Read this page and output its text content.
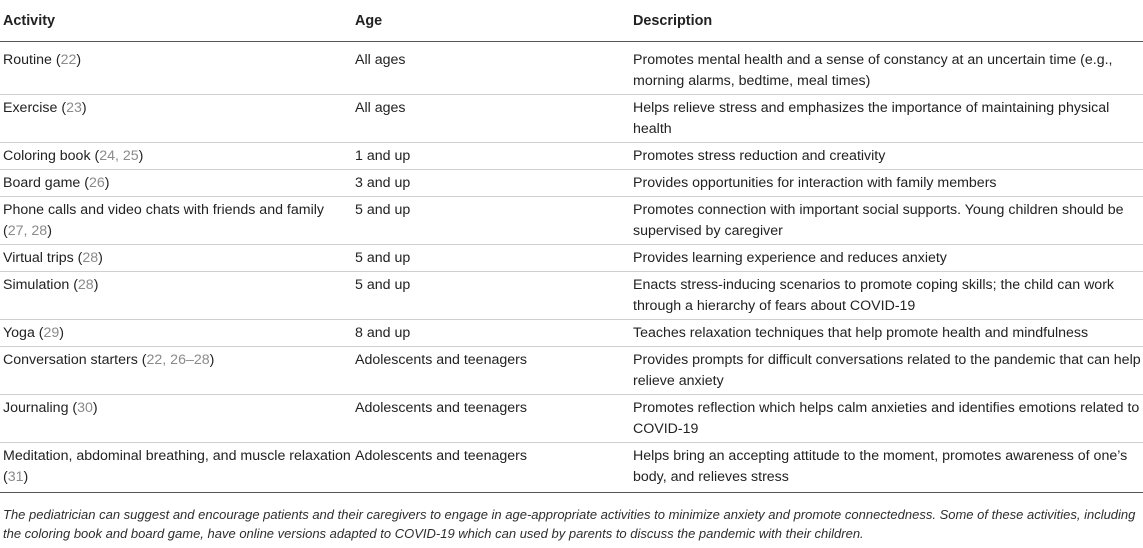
Activity	Age	Description
Routine (22)	All ages	Promotes mental health and a sense of constancy at an uncertain time (e.g., morning alarms, bedtime, meal times)
Exercise (23)	All ages	Helps relieve stress and emphasizes the importance of maintaining physical health
Coloring book (24, 25)	1 and up	Promotes stress reduction and creativity
Board game (26)	3 and up	Provides opportunities for interaction with family members
Phone calls and video chats with friends and family (27, 28)	5 and up	Promotes connection with important social supports. Young children should be supervised by caregiver
Virtual trips (28)	5 and up	Provides learning experience and reduces anxiety
Simulation (28)	5 and up	Enacts stress-inducing scenarios to promote coping skills; the child can work through a hierarchy of fears about COVID-19
Yoga (29)	8 and up	Teaches relaxation techniques that help promote health and mindfulness
Conversation starters (22, 26–28)	Adolescents and teenagers	Provides prompts for difficult conversations related to the pandemic that can help relieve anxiety
Journaling (30)	Adolescents and teenagers	Promotes reflection which helps calm anxieties and identifies emotions related to COVID-19
Meditation, abdominal breathing, and muscle relaxation (31)	Adolescents and teenagers	Helps bring an accepting attitude to the moment, promotes awareness of one’s body, and relieves stress
The pediatrician can suggest and encourage patients and their caregivers to engage in age-appropriate activities to minimize anxiety and promote connectedness. Some of these activities, including the coloring book and board game, have online versions adapted to COVID-19 which can used by parents to discuss the pandemic with their children.
